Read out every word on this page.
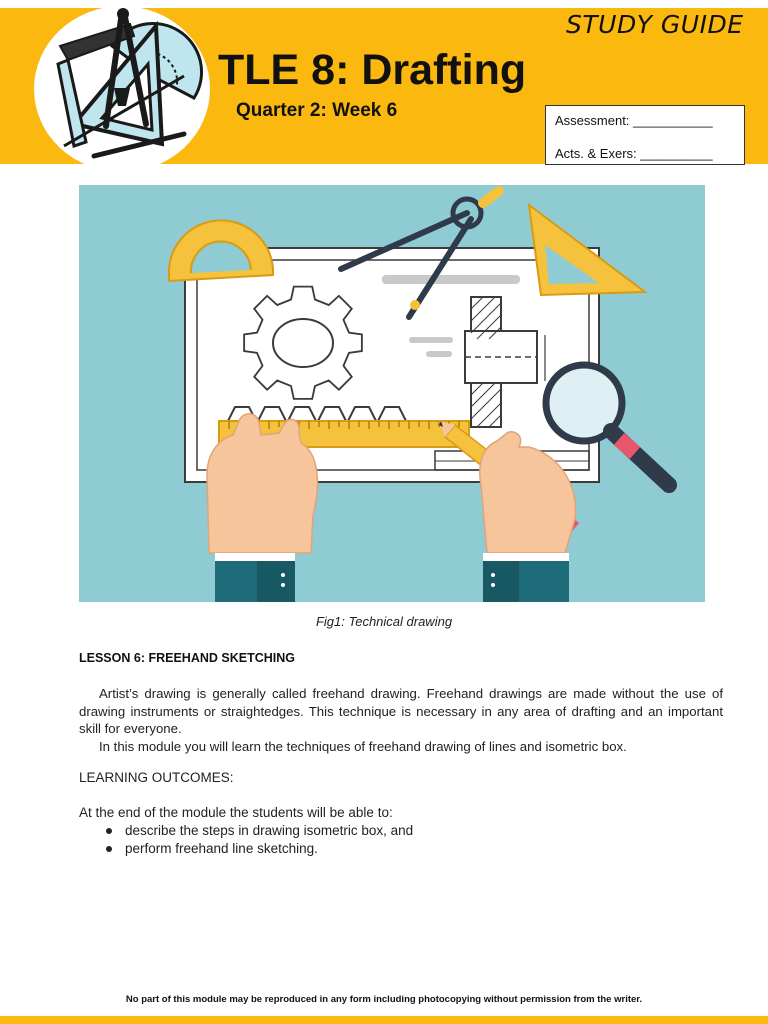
STUDY GUIDE
TLE 8: Drafting
Quarter 2: Week 6	Assessment: ___________
Acts. & Exers: __________
Fig1: Technical drawing
LESSON 6: FREEHAND SKETCHING
Artist’s drawing is generally called freehand drawing. Freehand drawings are made without the use of drawing instruments or straightedges. This technique is necessary in any area of drafting and an important skill for everyone.
In this module you will learn the techniques of freehand drawing of lines and isometric box.
LEARNING OUTCOMES:
At the end of the module the students will be able to:
describe the steps in drawing isometric box, and
perform freehand line sketching.
No part of this module may be reproduced in any form including photocopying without permission from the writer.
